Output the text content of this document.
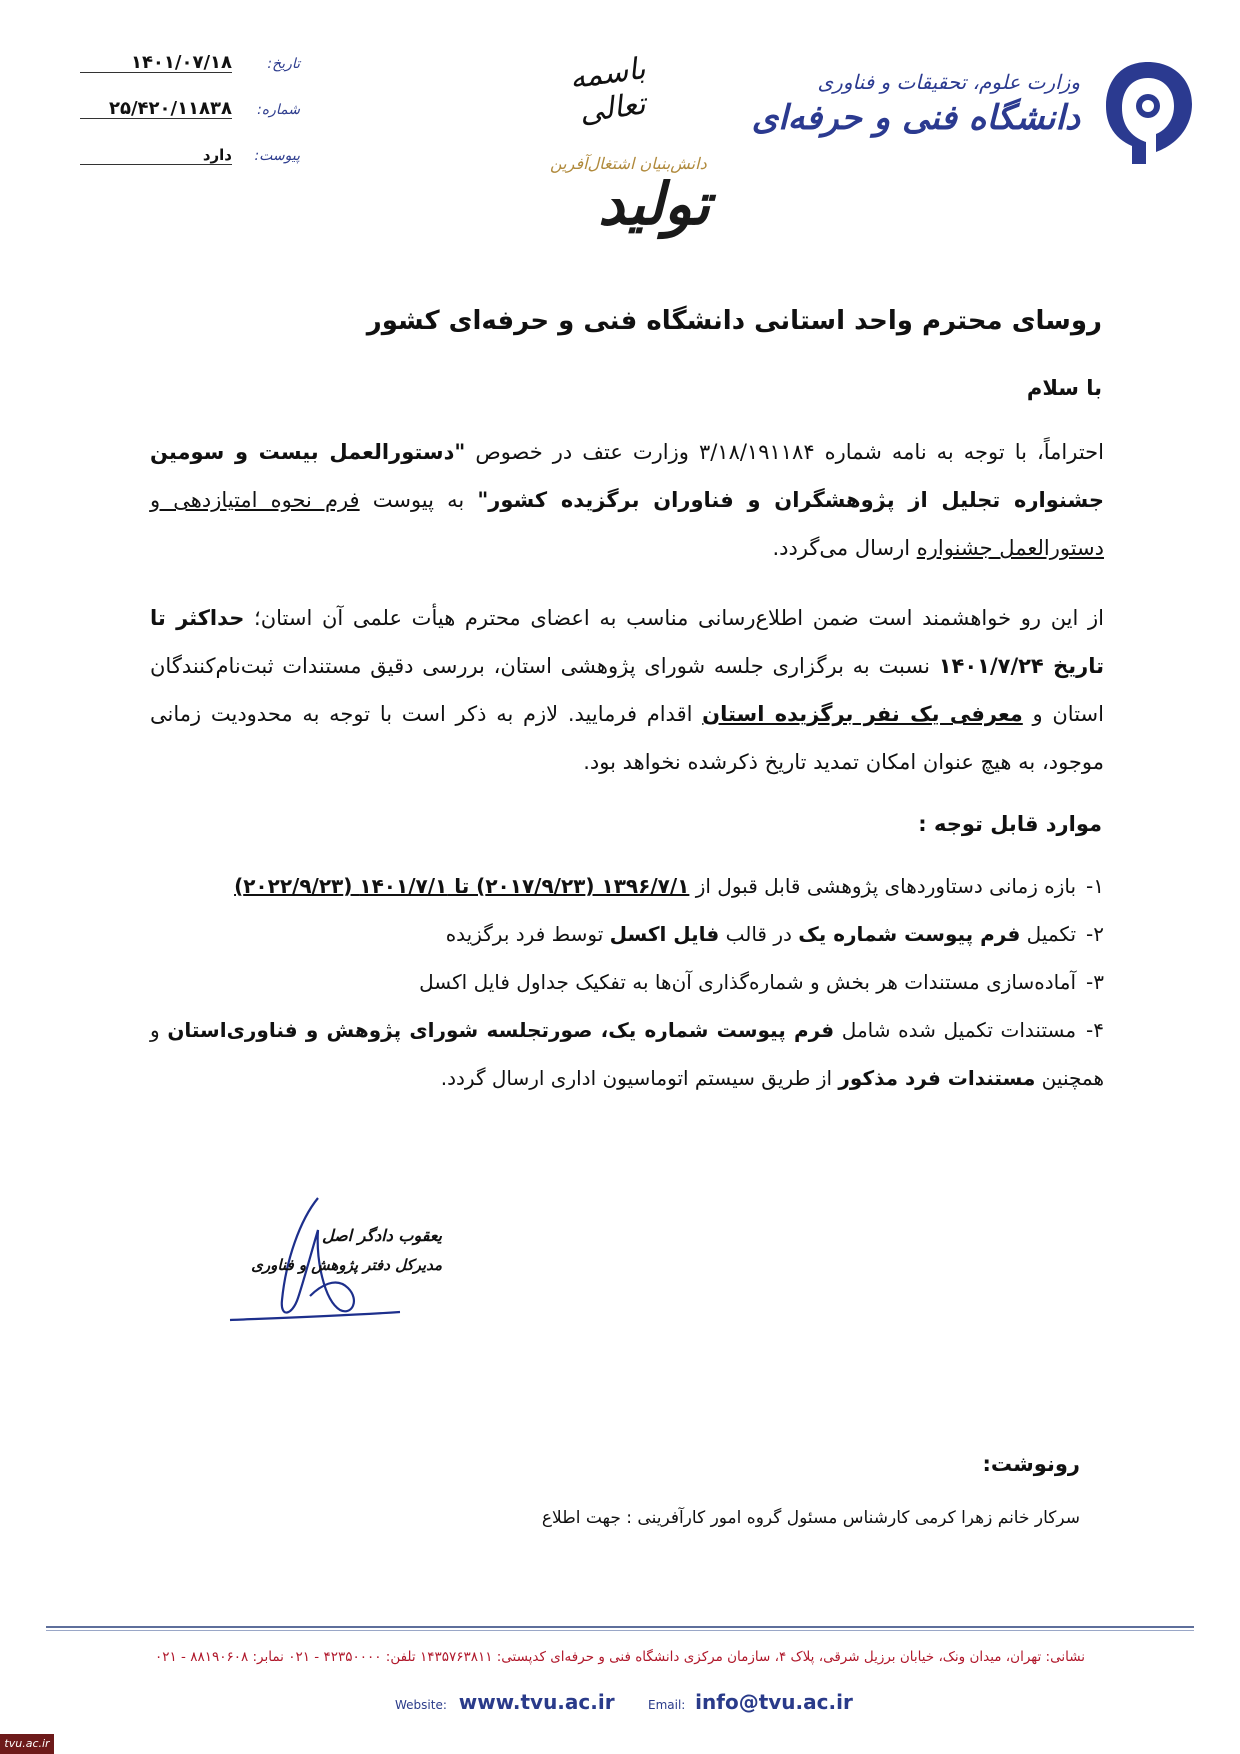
تاریخ:
۱۴۰۱/۰۷/۱۸
شماره:
۲۵/۴۲۰/۱۱۸۳۸
پیوست:
دارد
باسمه تعالی
دانش‌بنیان اشتغال‌آفرین
تولید
وزارت علوم، تحقیقات و فناوری
دانشگاه فنی و حرفه‌ای
روسای محترم واحد استانی دانشگاه فنی و حرفه‌ای کشور
با سلام
احتراماً، با توجه به نامه شماره ۳/۱۸/۱۹۱۱۸۴ وزارت عتف در خصوص "دستورالعمل بیست و سومین جشنواره تجلیل از پژوهشگران و فناوران برگزیده کشور" به پیوست فرم نحوه امتیازدهی و دستورالعمل جشنواره ارسال می‌گردد.
از این رو خواهشمند است ضمن اطلاع‌رسانی مناسب به اعضای محترم هیأت علمی آن استان؛ حداکثر تا تاریخ ۱۴۰۱/۷/۲۴ نسبت به برگزاری جلسه شورای پژوهشی استان، بررسی دقیق مستندات ثبت‌نام‌کنندگان استان و معرفی یک نفر برگزیده استان اقدام فرمایید. لازم به ذکر است با توجه به محدودیت زمانی موجود، به هیچ عنوان امکان تمدید تاریخ ذکرشده نخواهد بود.
موارد قابل توجه :
۱-بازه زمانی دستاوردهای پژوهشی قابل قبول از ۱۳۹۶/۷/۱ (۲۰۱۷/۹/۲۳) تا ۱۴۰۱/۷/۱ (۲۰۲۲/۹/۲۳)
۲-تکمیل فرم پیوست شماره یک در قالب فایل اکسل توسط فرد برگزیده
۳-آماده‌سازی مستندات هر بخش و شماره‌گذاری آن‌ها به تفکیک جداول فایل اکسل
۴-مستندات تکمیل شده شامل فرم پیوست شماره یک، صورتجلسه شورای پژوهش و فناوری‌استان و همچنین مستندات فرد مذکور از طریق سیستم اتوماسیون اداری ارسال گردد.
یعقوب دادگر اصل
مدیرکل دفتر پژوهش و فناوری
رونوشت:
سرکار خانم زهرا کرمی کارشناس مسئول گروه امور کارآفرینی : جهت اطلاع
نشانی: تهران، میدان ونک، خیابان برزیل شرقی، پلاک ۴، سازمان مرکزی دانشگاه فنی و حرفه‌ای کدپستی: ۱۴۳۵۷۶۳۸۱۱ تلفن: ۴۲۳۵۰۰۰۰ - ۰۲۱ نمابر: ۸۸۱۹۰۶۰۸ - ۰۲۱
Website: www.tvu.ac.ir	Email: info@tvu.ac.ir
tvu.ac.ir
